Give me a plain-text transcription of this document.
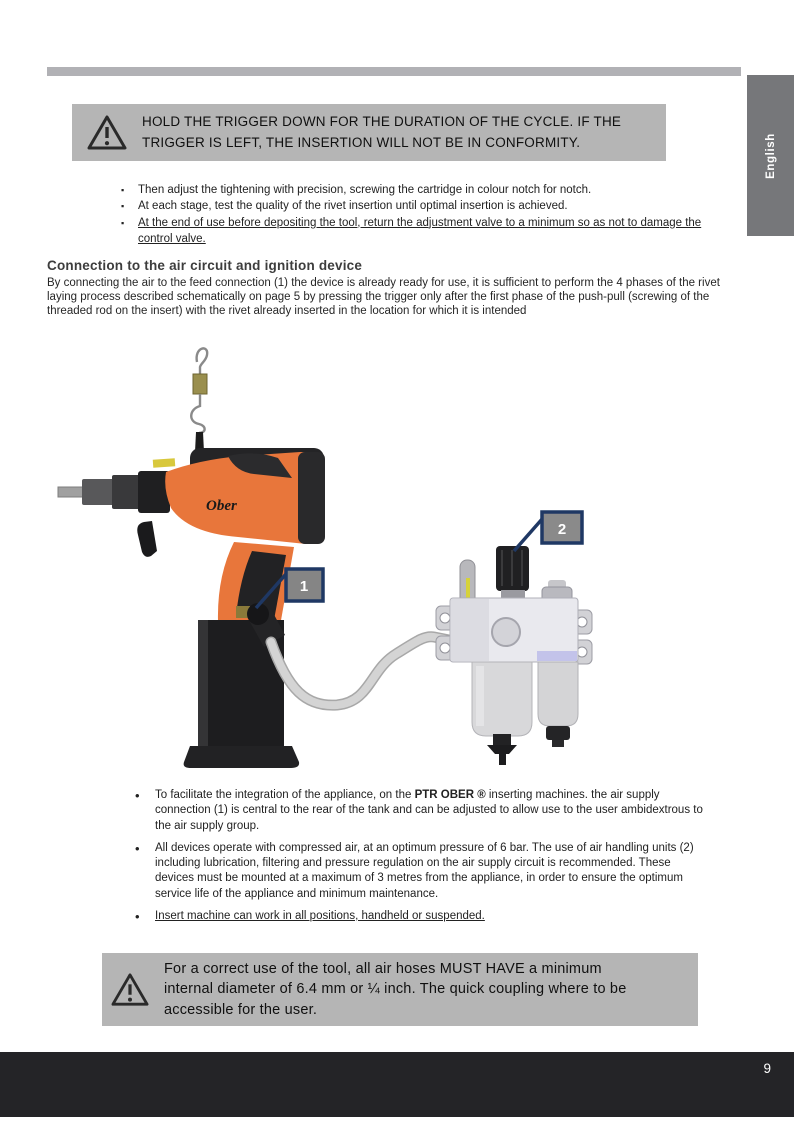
English
HOLD THE TRIGGER DOWN FOR THE DURATION OF THE CYCLE. IF THE TRIGGER IS LEFT, THE INSERTION WILL NOT BE IN CONFORMITY.
▪ Then adjust the tightening with precision, screwing the cartridge in colour notch for notch.
▪ At each stage, test the quality of the rivet insertion until optimal insertion is achieved.
▪ At the end of use before depositing the tool, return the adjustment valve to a minimum so as not to damage the control valve.
Connection to the air circuit and ignition device

By connecting the air to the feed connection (1) the device is already ready for use, it is sufficient to perform the 4 phases of the rivet laying process described schematically on page 5 by pressing the trigger only after the first phase of the push-pull (screwing of the threaded rod on the insert) with the rivet already inserted in the location for which it is intended

Ober
1
2
• To facilitate the integration of the appliance, on the PTR OBER ® inserting machines. the air supply connection (1) is central to the rear of the tank and can be adjusted to allow use to the user ambidextrous to the air supply group.
• All devices operate with compressed air, at an optimum pressure of 6 bar. The use of air handling units (2) including lubrication, filtering and pressure regulation on the air supply circuit is recommended. These devices must be mounted at a maximum of 3 metres from the appliance, in order to ensure the optimum service life of the appliance and minimum maintenance.
• Insert machine can work in all positions, handheld or suspended.
For a correct use of the tool, all air hoses MUST HAVE a minimum internal diameter of 6.4 mm or ¼ inch. The quick coupling where to be accessible for the user.
9
